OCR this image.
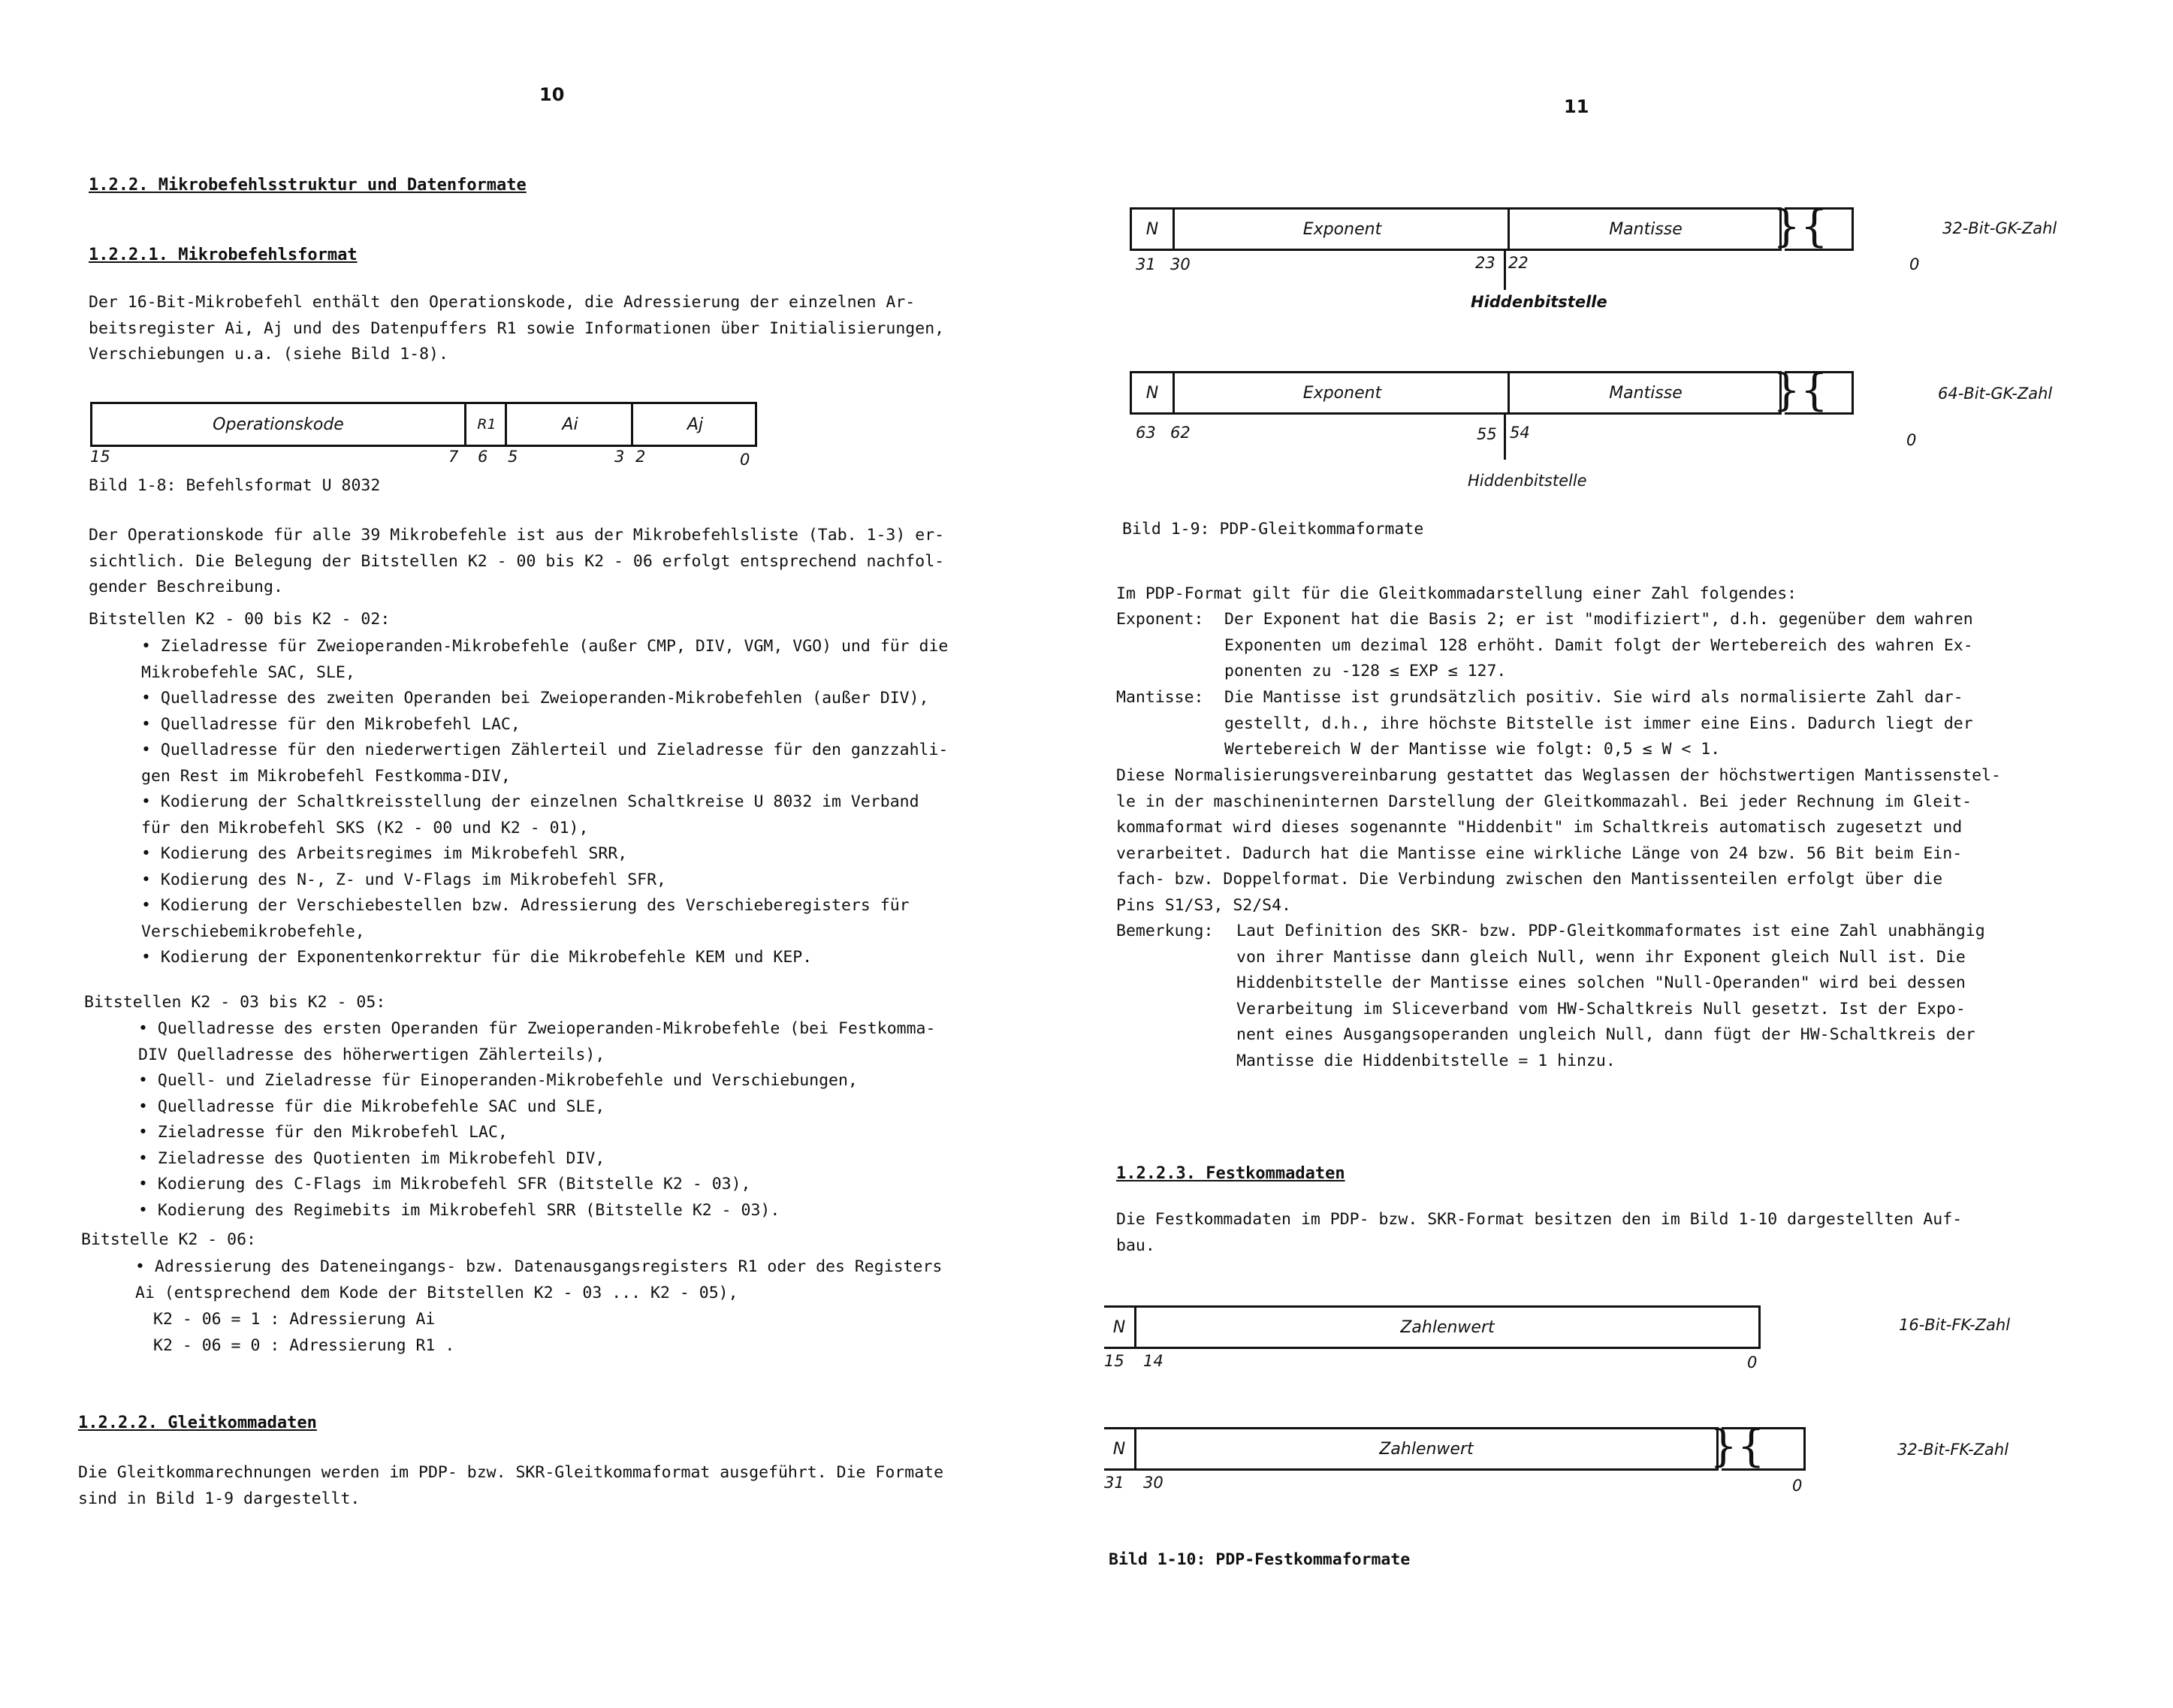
10
1.2.2. Mikrobefehlsstruktur und Datenformate
1.2.2.1. Mikrobefehlsformat
Der 16-Bit-Mikrobefehl enthält den Operationskode, die Adressierung der einzelnen Ar-
beitsregister Ai, Aj und des Datenpuffers R1 sowie Informationen über Initialisierungen,
Verschiebungen u.a. (siehe Bild 1-8).
Operationskode	R1	Ai	Aj
15	7 6 5	3 2	0
Bild 1-8: Befehlsformat U 8032
Der Operationskode für alle 39 Mikrobefehle ist aus der Mikrobefehlsliste (Tab. 1-3) er-
sichtlich. Die Belegung der Bitstellen K2 - 00 bis K2 - 06 erfolgt entsprechend nachfol-
gender Beschreibung.
Bitstellen K2 - 00 bis K2 - 02:
• Zieladresse für Zweioperanden-Mikrobefehle (außer CMP, DIV, VGM, VGO) und für die
Mikrobefehle SAC, SLE,
• Quelladresse des zweiten Operanden bei Zweioperanden-Mikrobefehlen (außer DIV),
• Quelladresse für den Mikrobefehl LAC,
• Quelladresse für den niederwertigen Zählerteil und Zieladresse für den ganzzahli-
gen Rest im Mikrobefehl Festkomma-DIV,
• Kodierung der Schaltkreisstellung der einzelnen Schaltkreise U 8032 im Verband
für den Mikrobefehl SKS (K2 - 00 und K2 - 01),
• Kodierung des Arbeitsregimes im Mikrobefehl SRR,
• Kodierung des N-, Z- und V-Flags im Mikrobefehl SFR,
• Kodierung der Verschiebestellen bzw. Adressierung des Verschieberegisters für
Verschiebemikrobefehle,
• Kodierung der Exponentenkorrektur für die Mikrobefehle KEM und KEP.
Bitstellen K2 - 03 bis K2 - 05:
• Quelladresse des ersten Operanden für Zweioperanden-Mikrobefehle (bei Festkomma-
DIV Quelladresse des höherwertigen Zählerteils),
• Quell- und Zieladresse für Einoperanden-Mikrobefehle und Verschiebungen,
• Quelladresse für die Mikrobefehle SAC und SLE,
• Zieladresse für den Mikrobefehl LAC,
• Zieladresse des Quotienten im Mikrobefehl DIV,
• Kodierung des C-Flags im Mikrobefehl SFR (Bitstelle K2 - 03),
• Kodierung des Regimebits im Mikrobefehl SRR (Bitstelle K2 - 03).
Bitstelle K2 - 06:
• Adressierung des Dateneingangs- bzw. Datenausgangsregisters R1 oder des Registers
Ai (entsprechend dem Kode der Bitstellen K2 - 03 ... K2 - 05),
K2 - 06 = 1 : Adressierung Ai
K2 - 06 = 0 : Adressierung R1 .
1.2.2.2. Gleitkommadaten
Die Gleitkommarechnungen werden im PDP- bzw. SKR-Gleitkommaformat ausgeführt. Die Formate
sind in Bild 1-9 dargestellt.
11
N	Exponent	Mantisse	}{	32-Bit-GK-Zahl
31 30	23 22	0
Hiddenbitstelle
N	Exponent	Mantisse	}{	64-Bit-GK-Zahl
63 62	55 54	0
Hiddenbitstelle
Bild 1-9: PDP-Gleitkommaformate
Im PDP-Format gilt für die Gleitkommadarstellung einer Zahl folgendes:
Exponent: Der Exponent hat die Basis 2; er ist "modifiziert", d.h. gegenüber dem wahren
Exponenten um dezimal 128 erhöht. Damit folgt der Wertebereich des wahren Ex-
ponenten zu -128 ≤ EXP ≤ 127.
Mantisse: Die Mantisse ist grundsätzlich positiv. Sie wird als normalisierte Zahl dar-
gestellt, d.h., ihre höchste Bitstelle ist immer eine Eins. Dadurch liegt der
Wertebereich W der Mantisse wie folgt: 0,5 ≤ W < 1.
Diese Normalisierungsvereinbarung gestattet das Weglassen der höchstwertigen Mantissenstel-
le in der maschineninternen Darstellung der Gleitkommazahl. Bei jeder Rechnung im Gleit-
kommaformat wird dieses sogenannte "Hiddenbit" im Schaltkreis automatisch zugesetzt und
verarbeitet. Dadurch hat die Mantisse eine wirkliche Länge von 24 bzw. 56 Bit beim Ein-
fach- bzw. Doppelformat. Die Verbindung zwischen den Mantissenteilen erfolgt über die
Pins S1/S3, S2/S4.
Bemerkung: Laut Definition des SKR- bzw. PDP-Gleitkommaformates ist eine Zahl unabhängig
von ihrer Mantisse dann gleich Null, wenn ihr Exponent gleich Null ist. Die
Hiddenbitstelle der Mantisse eines solchen "Null-Operanden" wird bei dessen
Verarbeitung im Sliceverband vom HW-Schaltkreis Null gesetzt. Ist der Expo-
nent eines Ausgangsoperanden ungleich Null, dann fügt der HW-Schaltkreis der
Mantisse die Hiddenbitstelle = 1 hinzu.
1.2.2.3. Festkommadaten
Die Festkommadaten im PDP- bzw. SKR-Format besitzen den im Bild 1-10 dargestellten Auf-
bau.
N	Zahlenwert	16-Bit-FK-Zahl
15 14	0
N	Zahlenwert	}{	32-Bit-FK-Zahl
31 30	0
Bild 1-10: PDP-Festkommaformate
